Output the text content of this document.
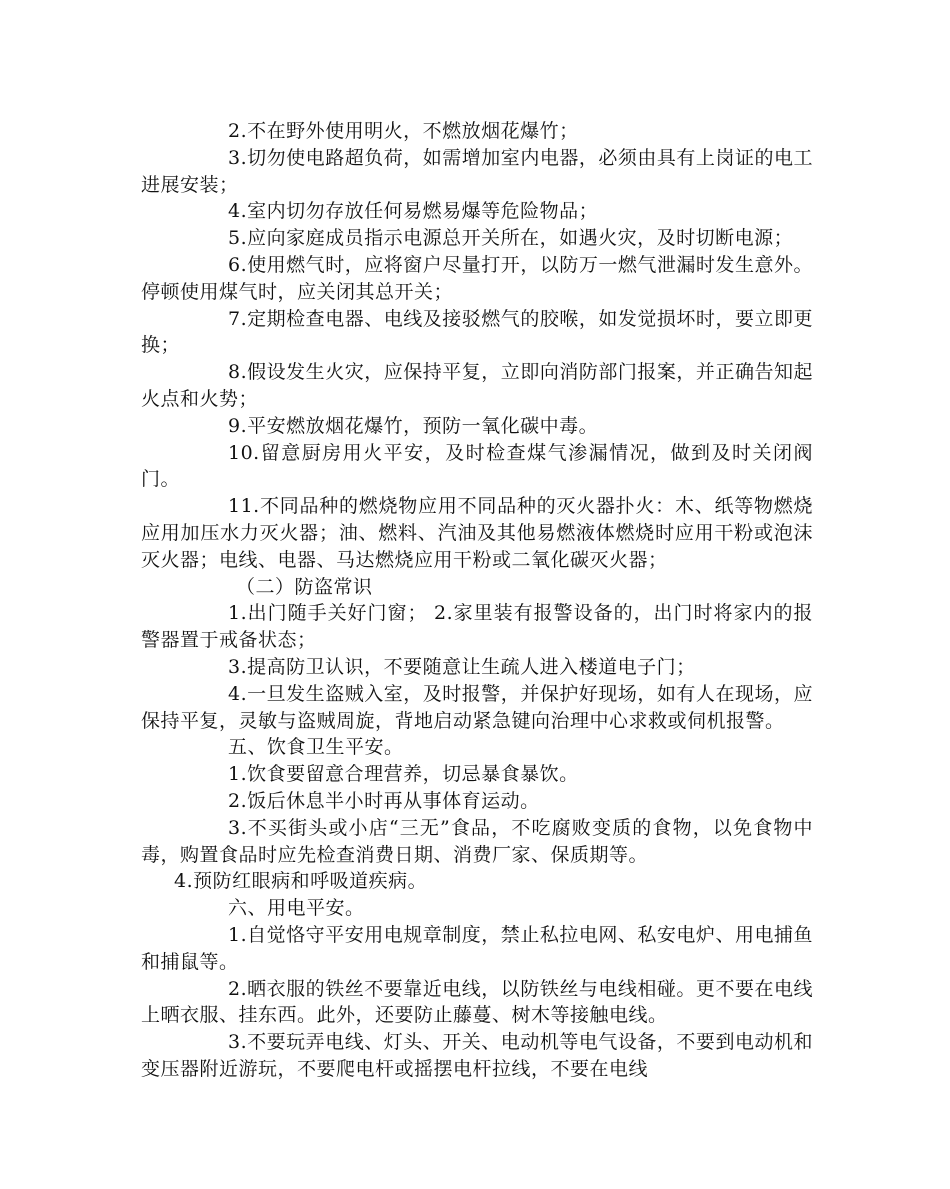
2.不在野外使用明火，不燃放烟花爆竹；

3.切勿使电路超负荷，如需增加室内电器，必须由具有上岗证的电工进展安装；

4.室内切勿存放任何易燃易爆等危险物品；

5.应向家庭成员指示电源总开关所在，如遇火灾，及时切断电源；

6.使用燃气时，应将窗户尽量打开，以防万一燃气泄漏时发生意外。停顿使用煤气时，应关闭其总开关；

7.定期检查电器、电线及接驳燃气的胶喉，如发觉损坏时，要立即更换；

8.假设发生火灾，应保持平复，立即向消防部门报案，并正确告知起火点和火势；

9.平安燃放烟花爆竹，预防一氧化碳中毒。

10.留意厨房用火平安，及时检查煤气渗漏情况，做到及时关闭阀门。

11.不同品种的燃烧物应用不同品种的灭火器扑火：木、纸等物燃烧应用加压水力灭火器；油、燃料、汽油及其他易燃液体燃烧时应用干粉或泡沫灭火器；电线、电器、马达燃烧应用干粉或二氧化碳灭火器；

（二）防盗常识

1.出门随手关好门窗； 2.家里装有报警设备的，出门时将家内的报警器置于戒备状态；

3.提高防卫认识，不要随意让生疏人进入楼道电子门；

4.一旦发生盗贼入室，及时报警，并保护好现场，如有人在现场，应保持平复，灵敏与盗贼周旋，背地启动紧急键向治理中心求救或伺机报警。

五、饮食卫生平安。

1.饮食要留意合理营养，切忌暴食暴饮。

2.饭后休息半小时再从事体育运动。

3.不买街头或小店“三无”食品，不吃腐败变质的食物，以免食物中毒，购置食品时应先检查消费日期、消费厂家、保质期等。

4.预防红眼病和呼吸道疾病。

六、用电平安。

1.自觉恪守平安用电规章制度，禁止私拉电网、私安电炉、用电捕鱼和捕鼠等。

2.晒衣服的铁丝不要靠近电线，以防铁丝与电线相碰。更不要在电线上晒衣服、挂东西。此外，还要防止藤蔓、树木等接触电线。

3.不要玩弄电线、灯头、开关、电动机等电气设备，不要到电动机和变压器附近游玩，不要爬电杆或摇摆电杆拉线，不要在电线
